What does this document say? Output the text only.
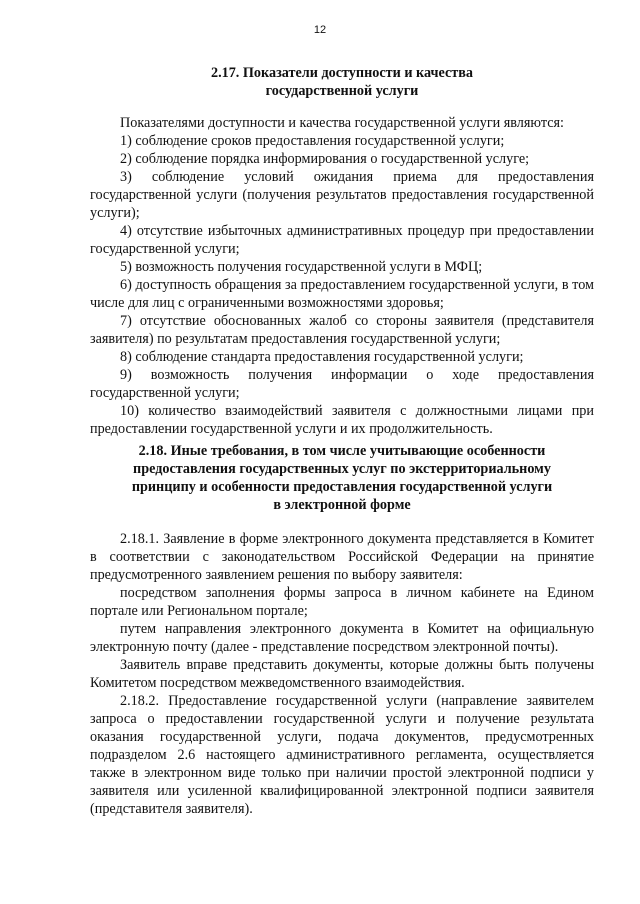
12
2.17. Показатели доступности и качества
государственной услуги

Показателями доступности и качества государственной услуги являются:

1) соблюдение сроков предоставления государственной услуги;

2) соблюдение порядка информирования о государственной услуге;

3) соблюдение условий ожидания приема для предоставления государственной услуги (получения результатов предоставления государственной услуги);

4) отсутствие избыточных административных процедур при предоставлении государственной услуги;

5) возможность получения государственной услуги в МФЦ;

6) доступность обращения за предоставлением государственной услуги, в том числе для лиц с ограниченными возможностями здоровья;

7) отсутствие обоснованных жалоб со стороны заявителя (представителя заявителя) по результатам предоставления государственной услуги;

8) соблюдение стандарта предоставления государственной услуги;

9) возможность получения информации о ходе предоставления государственной услуги;

10) количество взаимодействий заявителя с должностными лицами при предоставлении государственной услуги и их продолжительность.

2.18. Иные требования, в том числе учитывающие особенности
предоставления государственных услуг по экстерриториальному
принципу и особенности предоставления государственной услуги
в электронной форме

2.18.1. Заявление в форме электронного документа представляется в Комитет в соответствии с законодательством Российской Федерации на принятие предусмотренного заявлением решения по выбору заявителя:

посредством заполнения формы запроса в личном кабинете на Едином портале или Региональном портале;

путем направления электронного документа в Комитет на официальную электронную почту (далее - представление посредством электронной почты).

Заявитель вправе представить документы, которые должны быть получены Комитетом посредством межведомственного взаимодействия.

2.18.2. Предоставление государственной услуги (направление заявителем запроса о предоставлении государственной услуги и получение результата оказания государственной услуги, подача документов, предусмотренных подразделом 2.6 настоящего административного регламента, осуществляется также в электронном виде только при наличии простой электронной подписи у заявителя или усиленной квалифицированной электронной подписи заявителя (представителя заявителя).
